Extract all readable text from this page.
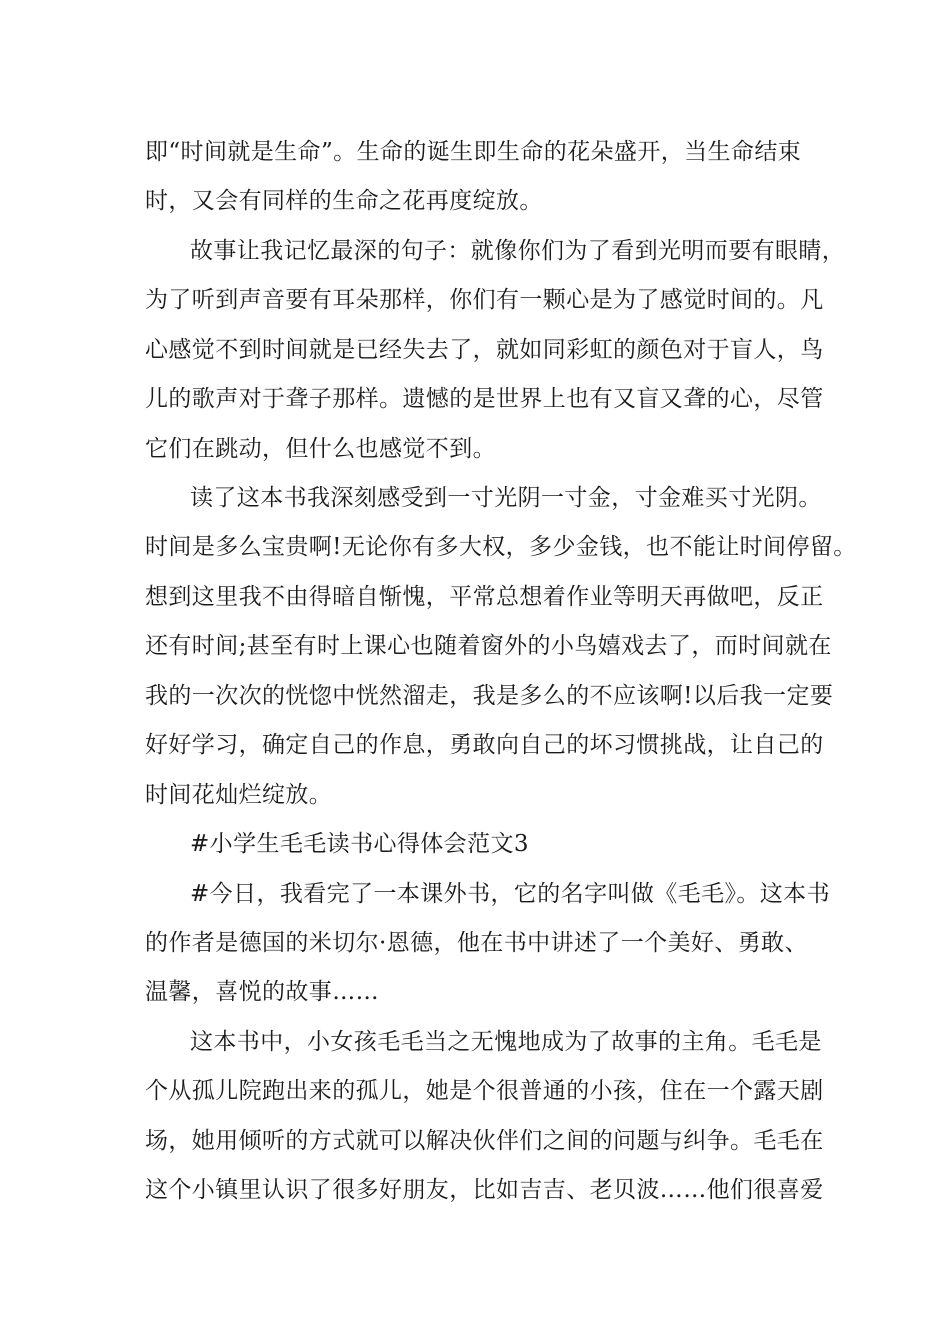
即“时间就是生命”。生命的诞生即生命的花朵盛开，当生命结束
时，又会有同样的生命之花再度绽放。
故事让我记忆最深的句子：就像你们为了看到光明而要有眼睛，
为了听到声音要有耳朵那样，你们有一颗心是为了感觉时间的。凡
心感觉不到时间就是已经失去了，就如同彩虹的颜色对于盲人，鸟
儿的歌声对于聋子那样。遗憾的是世界上也有又盲又聋的心，尽管
它们在跳动，但什么也感觉不到。
读了这本书我深刻感受到一寸光阴一寸金，寸金难买寸光阴。
时间是多么宝贵啊!无论你有多大权，多少金钱，也不能让时间停留。
想到这里我不由得暗自惭愧，平常总想着作业等明天再做吧，反正
还有时间;甚至有时上课心也随着窗外的小鸟嬉戏去了，而时间就在
我的一次次的恍惚中恍然溜走，我是多么的不应该啊!以后我一定要
好好学习，确定自己的作息，勇敢向自己的坏习惯挑战，让自己的
时间花灿烂绽放。
#小学生毛毛读书心得体会范文3
#今日，我看完了一本课外书，它的名字叫做《毛毛》。这本书
的作者是德国的米切尔·恩德，他在书中讲述了一个美好、勇敢、
温馨，喜悦的故事……
这本书中，小女孩毛毛当之无愧地成为了故事的主角。毛毛是
个从孤儿院跑出来的孤儿，她是个很普通的小孩，住在一个露天剧
场，她用倾听的方式就可以解决伙伴们之间的问题与纠争。毛毛在
这个小镇里认识了很多好朋友，比如吉吉、老贝波……他们很喜爱
